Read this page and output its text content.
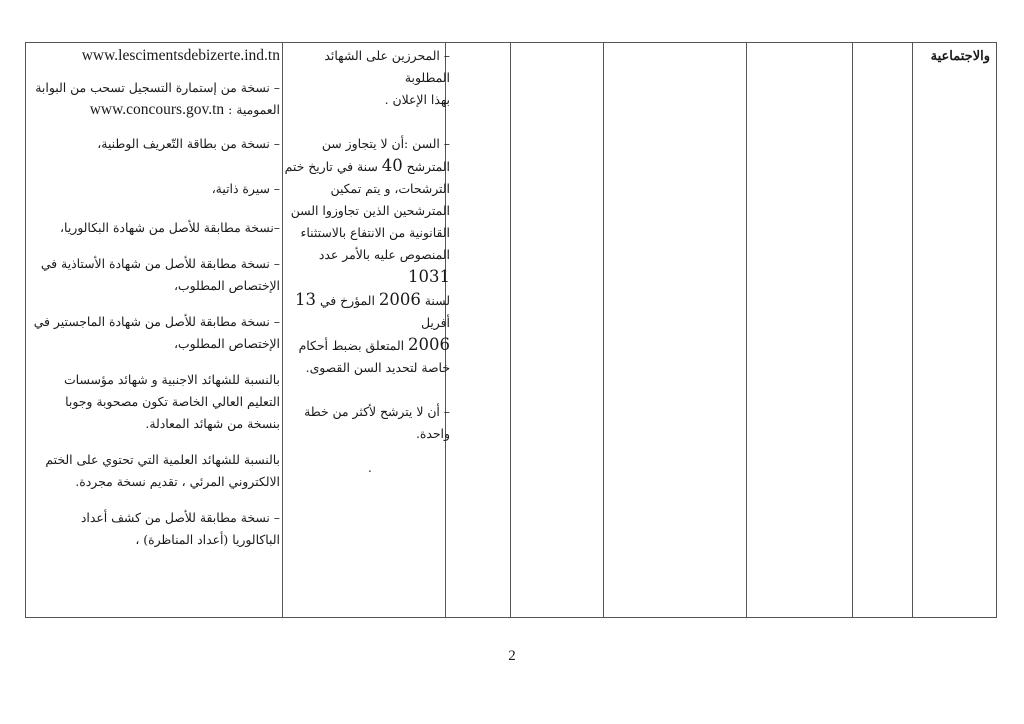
والاجتماعية

– المحرزين على الشهائد المطلوبة

بهذا الإعلان .

– السن :أن لا يتجاوز سن

المترشح 40 سنة في تاريخ ختم

الترشحات، و يتم تمكين

المترشحين الذين تجاوزوا السن

القانونية من الانتفاع بالاستثناء

المنصوص عليه بالأمر عدد 1031

لسنة 2006 المؤرخ في 13 أفريل

2006 المتعلق بضبط أحكام

خاصة لتحديد السن القصوى.

– أن لا يترشح لأكثر من خطة

واحدة.

.

www.lescimentsdebizerte.ind.tn

– نسخة من إستمارة التسجيل تسحب من البوابة

العمومية : www.concours.gov.tn

– نسخة من بطاقة التّعريف الوطنية،

– سيرة ذاتية،

–نسخة مطابقة للأصل من شهادة البكالوريا،

– نسخة مطابقة للأصل من شهادة الأستاذية في الإختصاص المطلوب،

– نسخة مطابقة للأصل من شهادة الماجستير في الإختصاص المطلوب،

بالنسبة للشهائد الاجنبية و شهائد مؤسسات التعليم العالي الخاصة تكون مصحوبة وجوبا بنسخة من شهائد المعادلة.

بالنسبة للشهائد العلمية التي تحتوي على الختم الالكتروني المرئي ، تقديم نسخة مجردة.

– نسخة مطابقة للأصل من كشف أعداد الباكالوريا (أعداد المناظرة) ،

2
